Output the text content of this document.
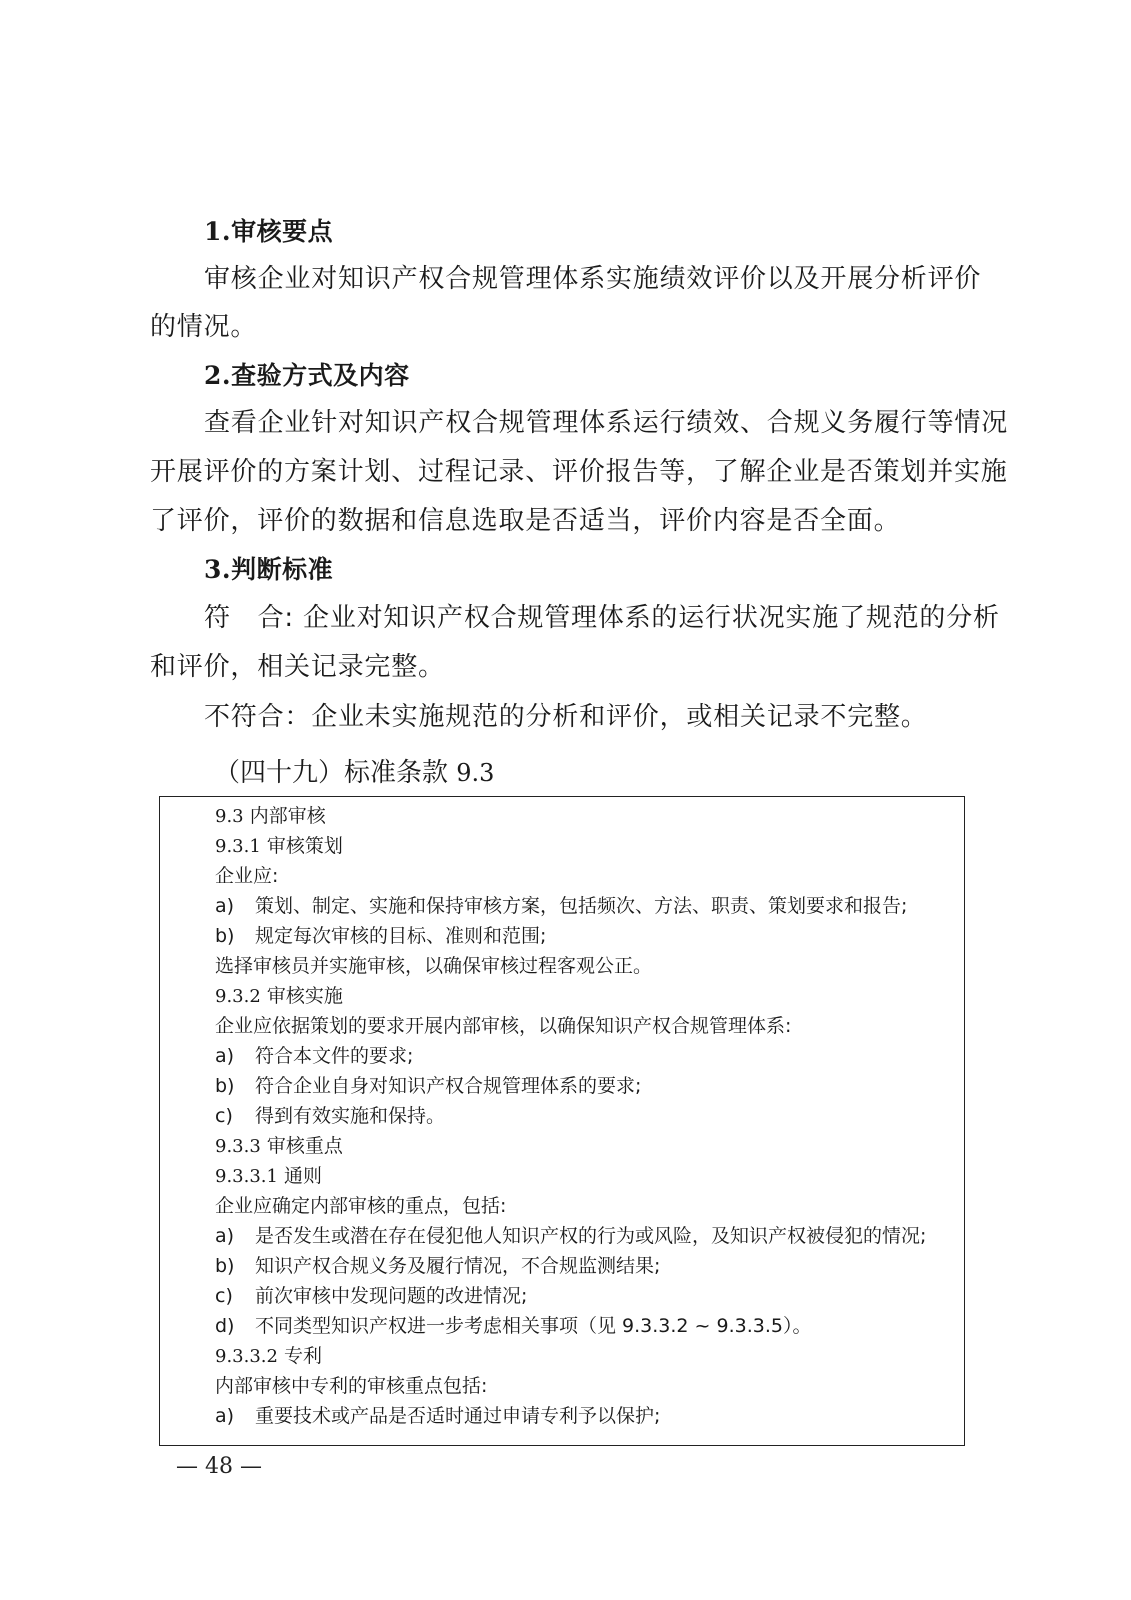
1.审核要点
审核企业对知识产权合规管理体系实施绩效评价以及开展分析评价
的情况。
2.查验方式及内容
查看企业针对知识产权合规管理体系运行绩效、合规义务履行等情况
开展评价的方案计划、过程记录、评价报告等，了解企业是否策划并实施
了评价，评价的数据和信息选取是否适当，评价内容是否全面。
3.判断标准
符　合: 企业对知识产权合规管理体系的运行状况实施了规范的分析
和评价，相关记录完整。
不符合：企业未实施规范的分析和评价，或相关记录不完整。
（四十九）标准条款 9.3
9.3 内部审核
9.3.1 审核策划
企业应:
a) 策划、制定、实施和保持审核方案，包括频次、方法、职责、策划要求和报告;
b) 规定每次审核的目标、准则和范围;
选择审核员并实施审核，以确保审核过程客观公正。
9.3.2 审核实施
企业应依据策划的要求开展内部审核，以确保知识产权合规管理体系:
a) 符合本文件的要求;
b) 符合企业自身对知识产权合规管理体系的要求;
c) 得到有效实施和保持。
9.3.3 审核重点
9.3.3.1 通则
企业应确定内部审核的重点，包括:
a) 是否发生或潜在存在侵犯他人知识产权的行为或风险，及知识产权被侵犯的情况;
b) 知识产权合规义务及履行情况，不合规监测结果;
c) 前次审核中发现问题的改进情况;
d) 不同类型知识产权进一步考虑相关事项（见 9.3.3.2 ~ 9.3.3.5）。
9.3.3.2 专利
内部审核中专利的审核重点包括:
a) 重要技术或产品是否适时通过申请专利予以保护;
— 48 —
